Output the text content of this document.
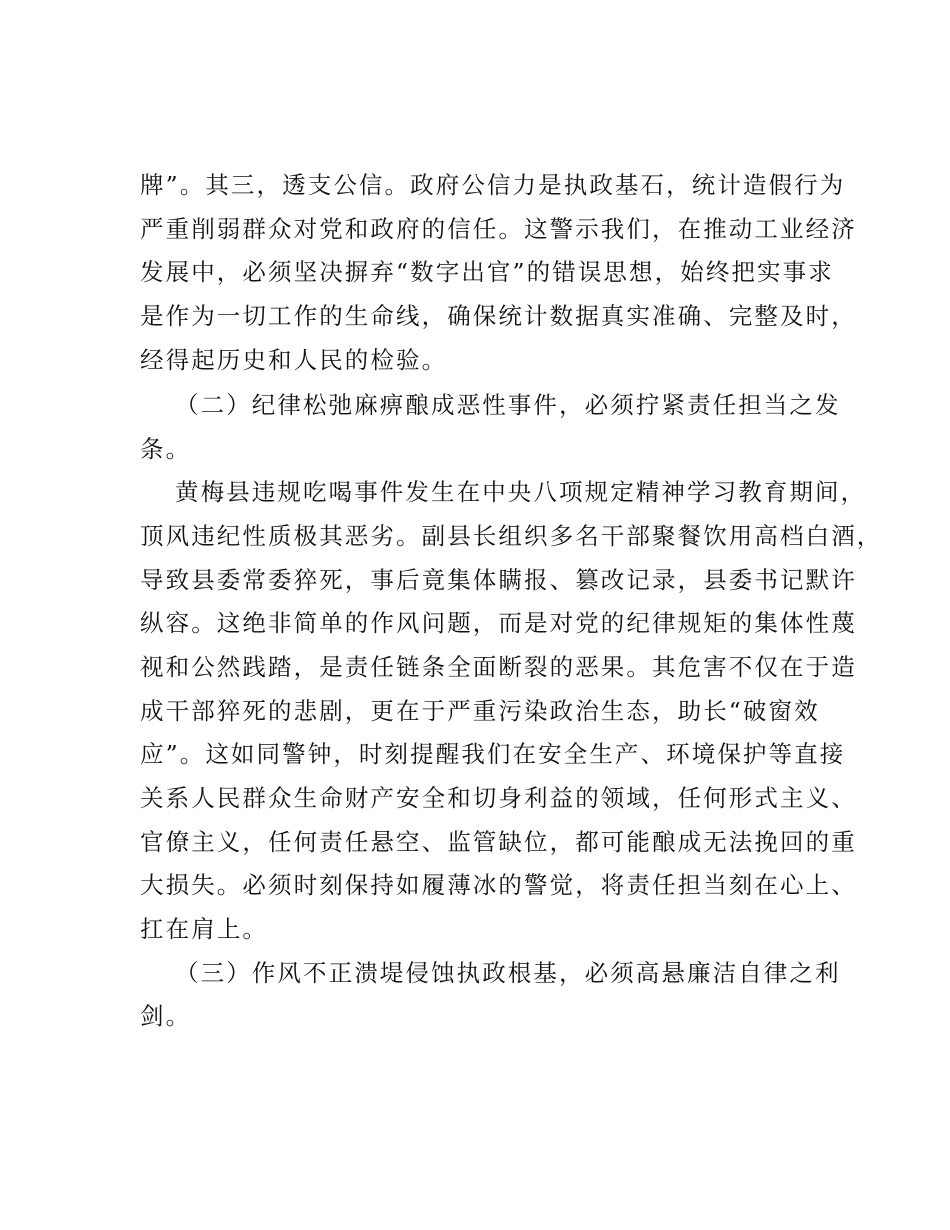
牌”。其三，透支公信。政府公信力是执政基石，统计造假行为
严重削弱群众对党和政府的信任。这警示我们，在推动工业经济
发展中，必须坚决摒弃“数字出官”的错误思想，始终把实事求
是作为一切工作的生命线，确保统计数据真实准确、完整及时，
经得起历史和人民的检验。
（二）纪律松弛麻痹酿成恶性事件，必须拧紧责任担当之发
条。
黄梅县违规吃喝事件发生在中央八项规定精神学习教育期间，
顶风违纪性质极其恶劣。副县长组织多名干部聚餐饮用高档白酒，
导致县委常委猝死，事后竟集体瞒报、篡改记录，县委书记默许
纵容。这绝非简单的作风问题，而是对党的纪律规矩的集体性蔑
视和公然践踏，是责任链条全面断裂的恶果。其危害不仅在于造
成干部猝死的悲剧，更在于严重污染政治生态，助长“破窗效
应”。这如同警钟，时刻提醒我们在安全生产、环境保护等直接
关系人民群众生命财产安全和切身利益的领域，任何形式主义、
官僚主义，任何责任悬空、监管缺位，都可能酿成无法挽回的重
大损失。必须时刻保持如履薄冰的警觉，将责任担当刻在心上、
扛在肩上。
（三）作风不正溃堤侵蚀执政根基，必须高悬廉洁自律之利
剑。
